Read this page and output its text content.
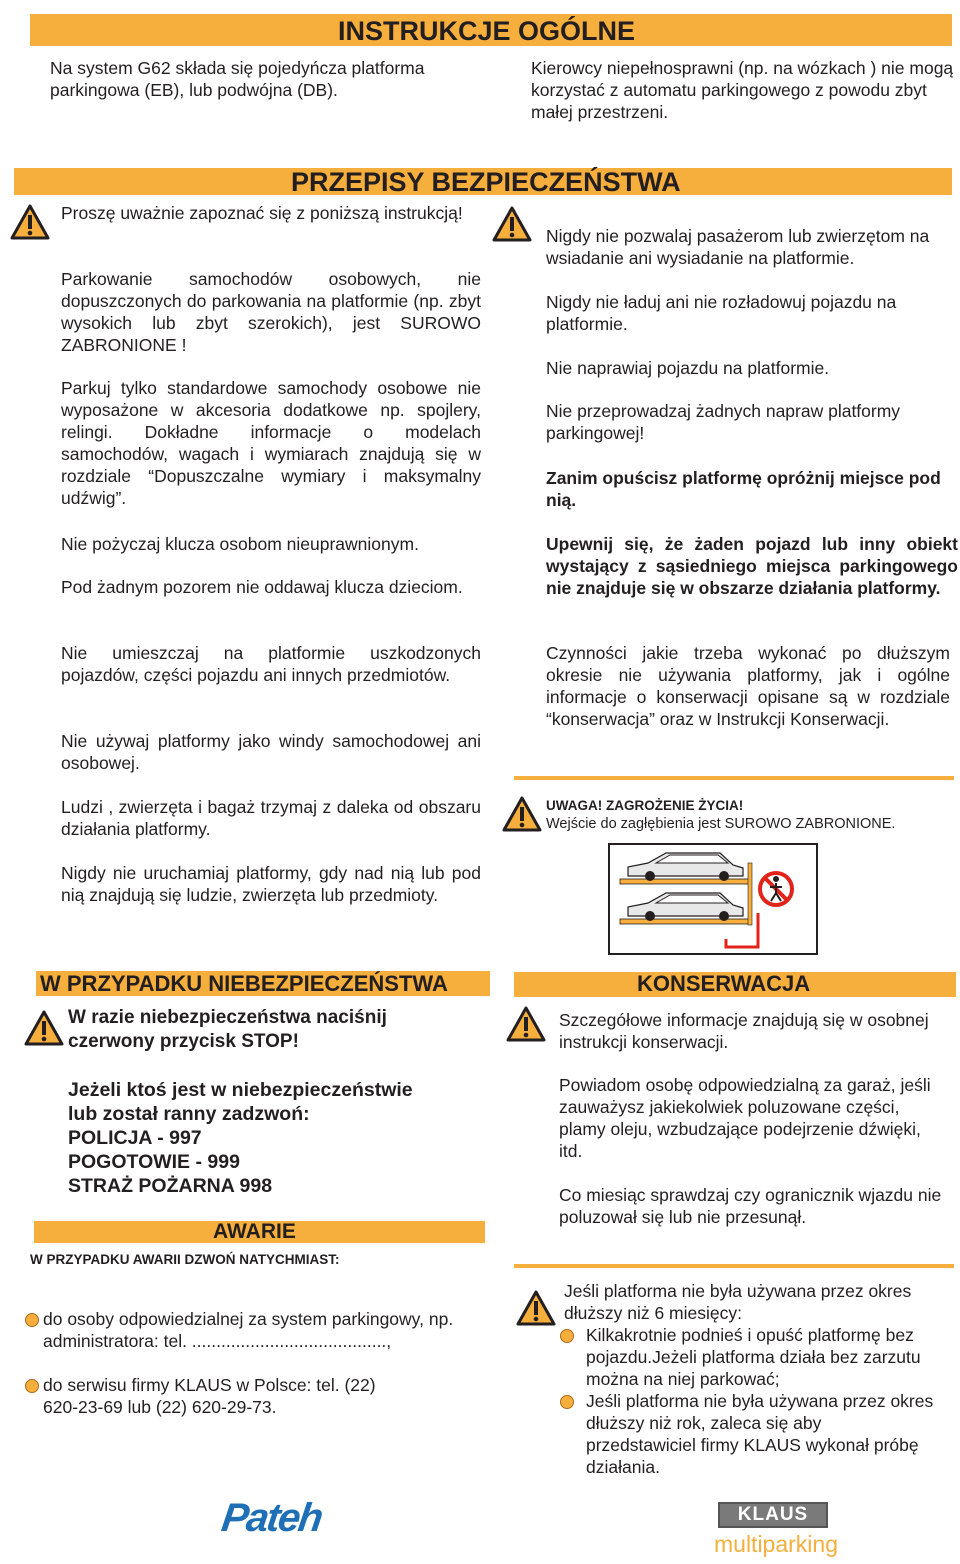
INSTRUKCJE OGÓLNE

Na system G62 składa się pojedyńcza platforma parkingowa (EB), lub podwójna (DB).

Kierowcy niepełnosprawni (np. na wózkach ) nie mogą korzystać z automatu parkingowego z powodu zbyt małej przestrzeni.

PRZEPISY BEZPIECZEŃSTWA

Proszę uważnie zapoznać się z poniższą instrukcją!

Parkowanie samochodów osobowych, nie dopuszczonych do parkowania na platformie (np. zbyt wysokich lub zbyt szerokich), jest SUROWO ZABRONIONE !

Parkuj tylko standardowe samochody osobowe nie wyposażone w akcesoria dodatkowe np. spojlery, relingi. Dokładne informacje o modelach samochodów, wagach i wymiarach znajdują się w rozdziale “Dopuszczalne wymiary i maksymalny udźwig”.

Nie pożyczaj klucza osobom nieuprawnionym.

Pod żadnym pozorem nie oddawaj klucza dzieciom.

Nie umieszczaj na platformie uszkodzonych pojazdów, części pojazdu ani innych przedmiotów.

Nie używaj platformy jako windy samochodowej ani osobowej.

Ludzi , zwierzęta i bagaż trzymaj z daleka od obszaru działania platformy.

Nigdy nie uruchamiaj platformy, gdy nad nią lub pod nią znajdują się ludzie, zwierzęta lub przedmioty.

Nigdy nie pozwalaj pasażerom lub zwierzętom na wsiadanie ani wysiadanie na platformie.

Nigdy nie ładuj ani nie rozładowuj pojazdu na platformie.

Nie naprawiaj pojazdu na platformie.

Nie przeprowadzaj żadnych napraw platformy parkingowej!

Zanim opuścisz platformę opróżnij miejsce pod nią.

Upewnij się, że żaden pojazd lub inny obiekt wystający z sąsiedniego miejsca parkingowego nie znajduje się w obszarze działania platformy.

Czynności jakie trzeba wykonać po dłuższym okresie nie używania platformy, jak i ogólne informacje o konserwacji opisane są w rozdziale “konserwacja” oraz w Instrukcji Konserwacji.

UWAGA! ZAGROŻENIE ŻYCIA!
Wejście do zagłębienia jest SUROWO ZABRONIONE.
W PRZYPADKU NIEBEZPIECZEŃSTWA

W razie niebezpieczeństwa naciśnij czerwony przycisk STOP!

Jeżeli ktoś jest w niebezpieczeństwie
lub został ranny zadzwoń:
POLICJA - 997
POGOTOWIE - 999
STRAŻ POŻARNA 998
AWARIE
W PRZYPADKU AWARII DZWOŃ NATYCHMIAST:

do osoby odpowiedzialnej za system parkingowy, np. administratora: tel. ........................................,

do serwisu firmy KLAUS w Polsce: tel. (22) 620-23-69 lub (22) 620-29-73.

KONSERWACJA

Szczegółowe informacje znajdują się w osobnej instrukcji konserwacji.

Powiadom osobę odpowiedzialną za garaż, jeśli zauważysz jakiekolwiek poluzowane części, plamy oleju, wzbudzające podejrzenie dźwięki, itd.

Co miesiąc sprawdzaj czy ogranicznik wjazdu nie poluzował się lub nie przesunął.

Jeśli platforma nie była używana przez okres dłuższy niż 6 miesięcy:

Kilkakrotnie podnieś i opuść platformę bez pojazdu.Jeżeli platforma działa bez zarzutu można na niej parkować;

Jeśli platforma nie była używana przez okres dłuższy niż rok, zaleca się aby przedstawiciel firmy KLAUS wykonał próbę działania.

Pateh	KLAUS
multiparking
